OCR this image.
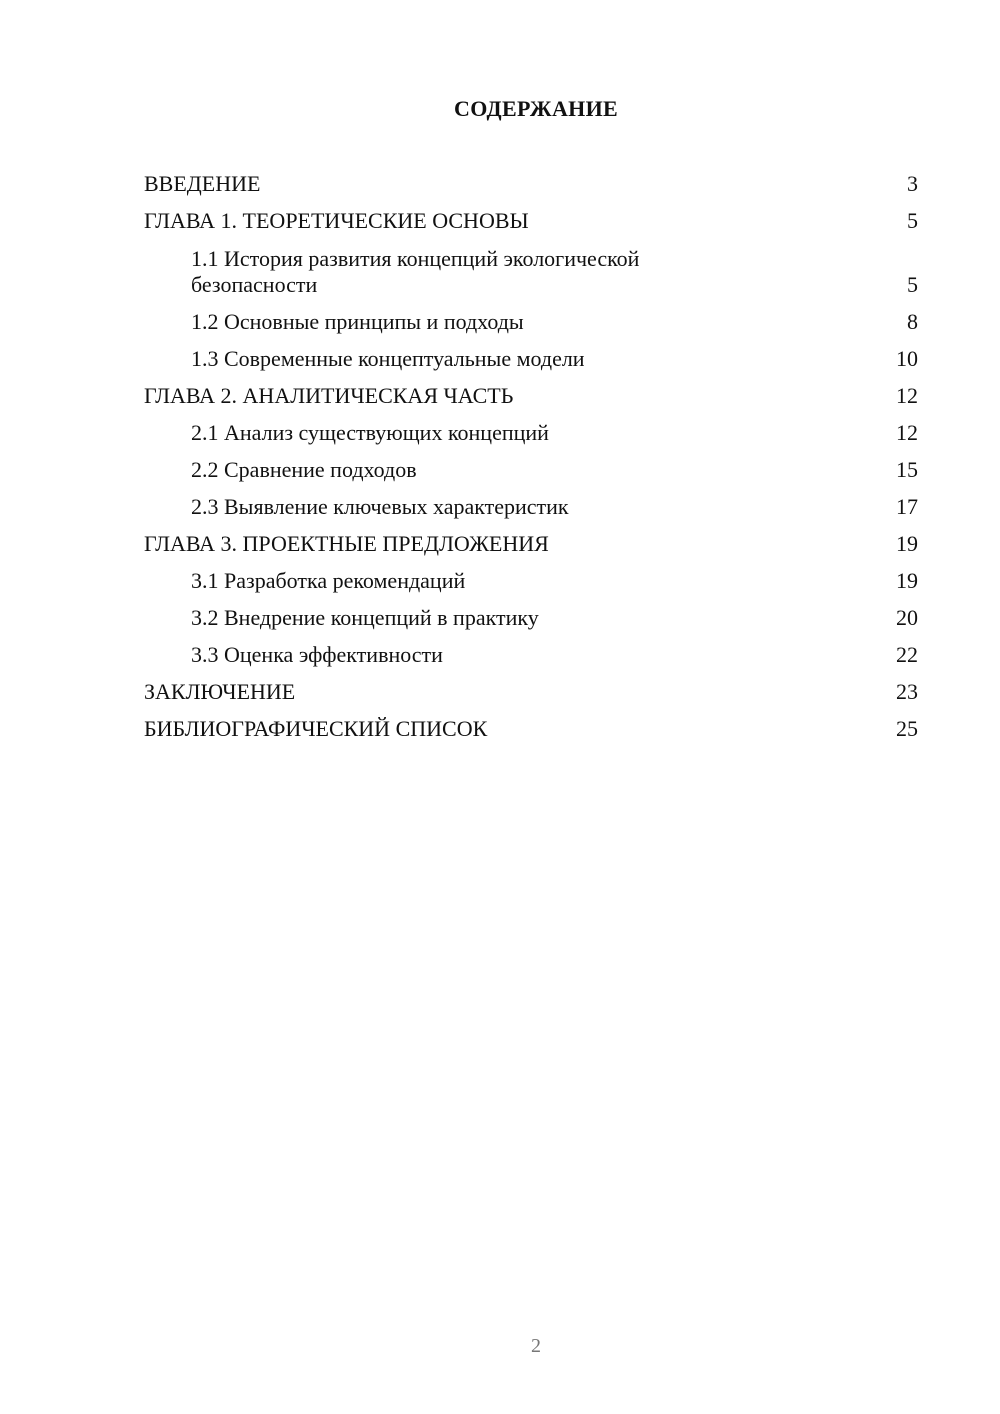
СОДЕРЖАНИЕ
ВВЕДЕНИЕ	3
ГЛАВА 1. ТЕОРЕТИЧЕСКИЕ ОСНОВЫ	5
1.1 История развития концепций экологической безопасности	5
1.2 Основные принципы и подходы	8
1.3 Современные концептуальные модели	10
ГЛАВА 2. АНАЛИТИЧЕСКАЯ ЧАСТЬ	12
2.1 Анализ существующих концепций	12
2.2 Сравнение подходов	15
2.3 Выявление ключевых характеристик	17
ГЛАВА 3. ПРОЕКТНЫЕ ПРЕДЛОЖЕНИЯ	19
3.1 Разработка рекомендаций	19
3.2 Внедрение концепций в практику	20
3.3 Оценка эффективности	22
ЗАКЛЮЧЕНИЕ	23
БИБЛИОГРАФИЧЕСКИЙ СПИСОК	25
2
